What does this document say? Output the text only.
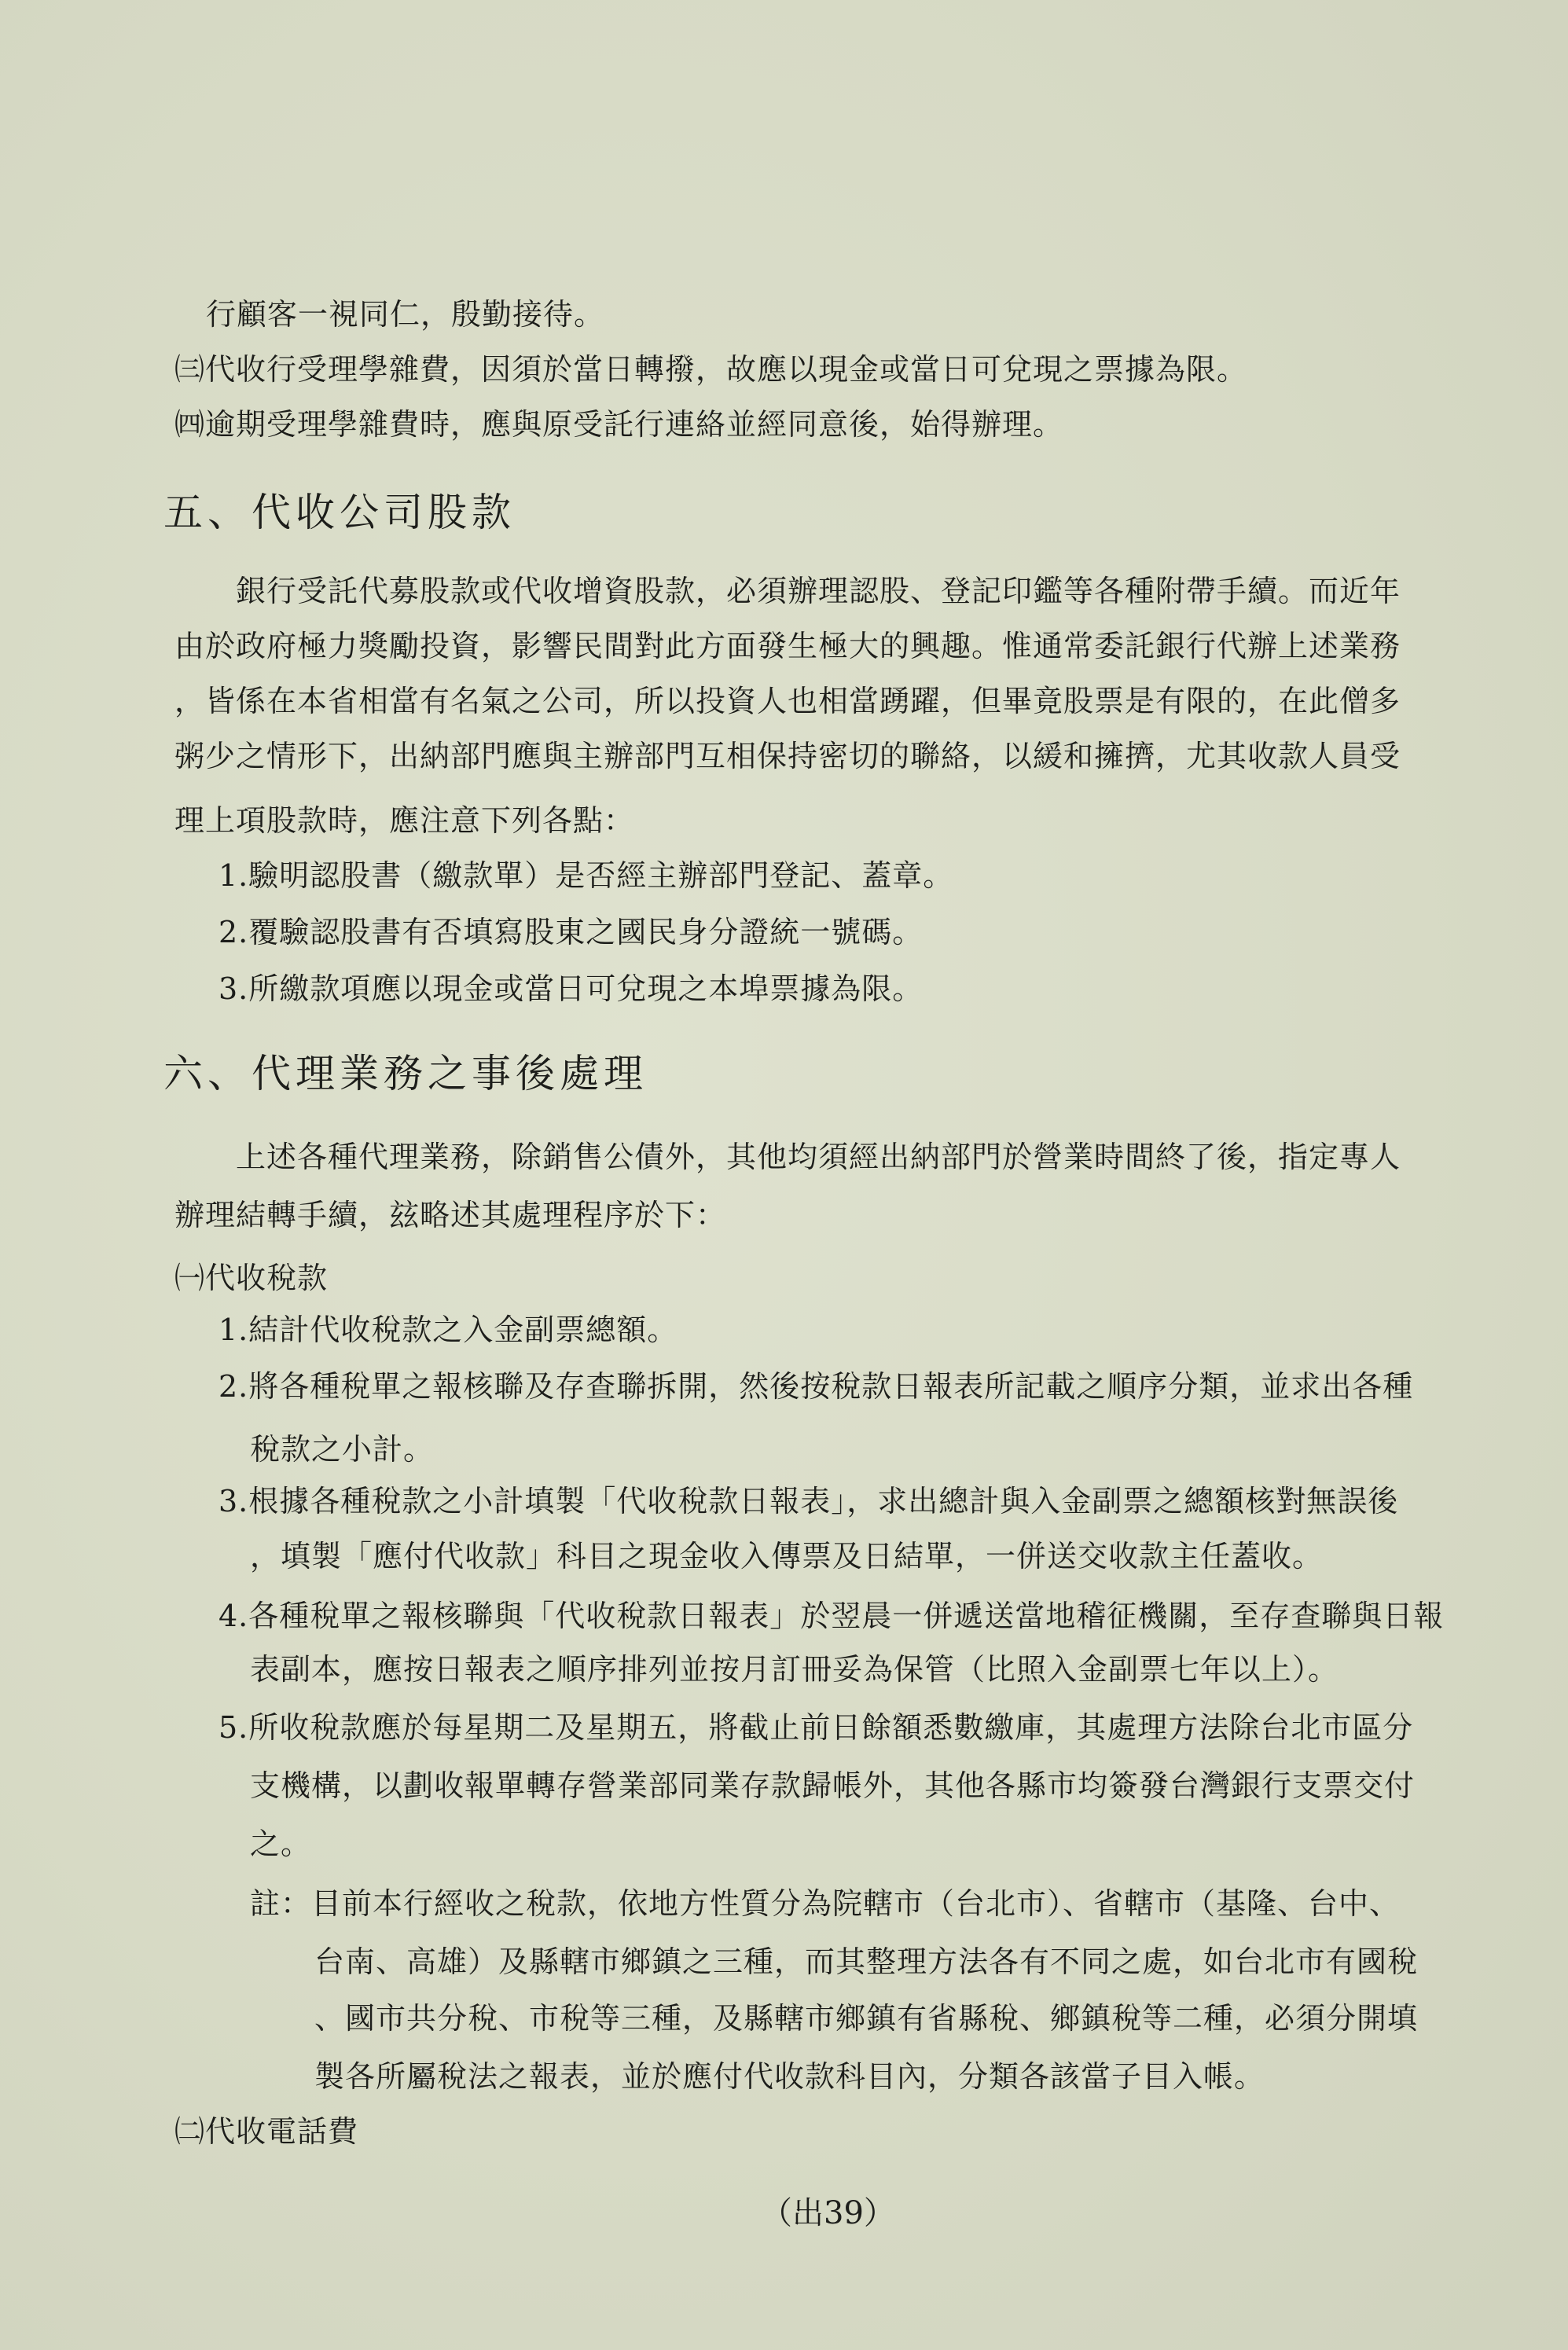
行顧客一視同仁，殷勤接待。
㈢代收行受理學雜費，因須於當日轉撥，故應以現金或當日可兌現之票據為限。
㈣逾期受理學雜費時，應與原受託行連絡並經同意後，始得辦理。
五、代收公司股款
銀行受託代募股款或代收增資股款，必須辦理認股、登記印鑑等各種附帶手續。而近年
由於政府極力獎勵投資，影響民間對此方面發生極大的興趣。惟通常委託銀行代辦上述業務
，皆係在本省相當有名氣之公司，所以投資人也相當踴躍，但畢竟股票是有限的，在此僧多
粥少之情形下，出納部門應與主辦部門互相保持密切的聯絡，以緩和擁擠，尤其收款人員受
理上項股款時，應注意下列各點：
1.驗明認股書（繳款單）是否經主辦部門登記、蓋章。
2.覆驗認股書有否填寫股東之國民身分證統一號碼。
3.所繳款項應以現金或當日可兌現之本埠票據為限。
六、代理業務之事後處理
上述各種代理業務，除銷售公債外，其他均須經出納部門於營業時間終了後，指定專人
辦理結轉手續，玆略述其處理程序於下：
㈠代收稅款
1.結計代收稅款之入金副票總額。
2.將各種稅單之報核聯及存查聯拆開，然後按稅款日報表所記載之順序分類，並求出各種
稅款之小計。
3.根據各種稅款之小計填製「代收稅款日報表」，求出總計與入金副票之總額核對無誤後
，填製「應付代收款」科目之現金收入傳票及日結單，一併送交收款主任蓋收。
4.各種稅單之報核聯與「代收稅款日報表」於翌晨一併遞送當地稽征機關，至存查聯與日報
表副本，應按日報表之順序排列並按月訂冊妥為保管（比照入金副票七年以上）。
5.所收稅款應於每星期二及星期五，將截止前日餘額悉數繳庫，其處理方法除台北市區分
支機構，以劃收報單轉存營業部同業存款歸帳外，其他各縣市均簽發台灣銀行支票交付
之。
註：目前本行經收之稅款，依地方性質分為院轄市（台北市）、省轄市（基隆、台中、
台南、高雄）及縣轄市鄉鎮之三種，而其整理方法各有不同之處，如台北市有國稅
、國市共分稅、市稅等三種，及縣轄市鄉鎮有省縣稅、鄉鎮稅等二種，必須分開填
製各所屬稅法之報表，並於應付代收款科目內，分類各該當子目入帳。
㈡代收電話費
（出39）
